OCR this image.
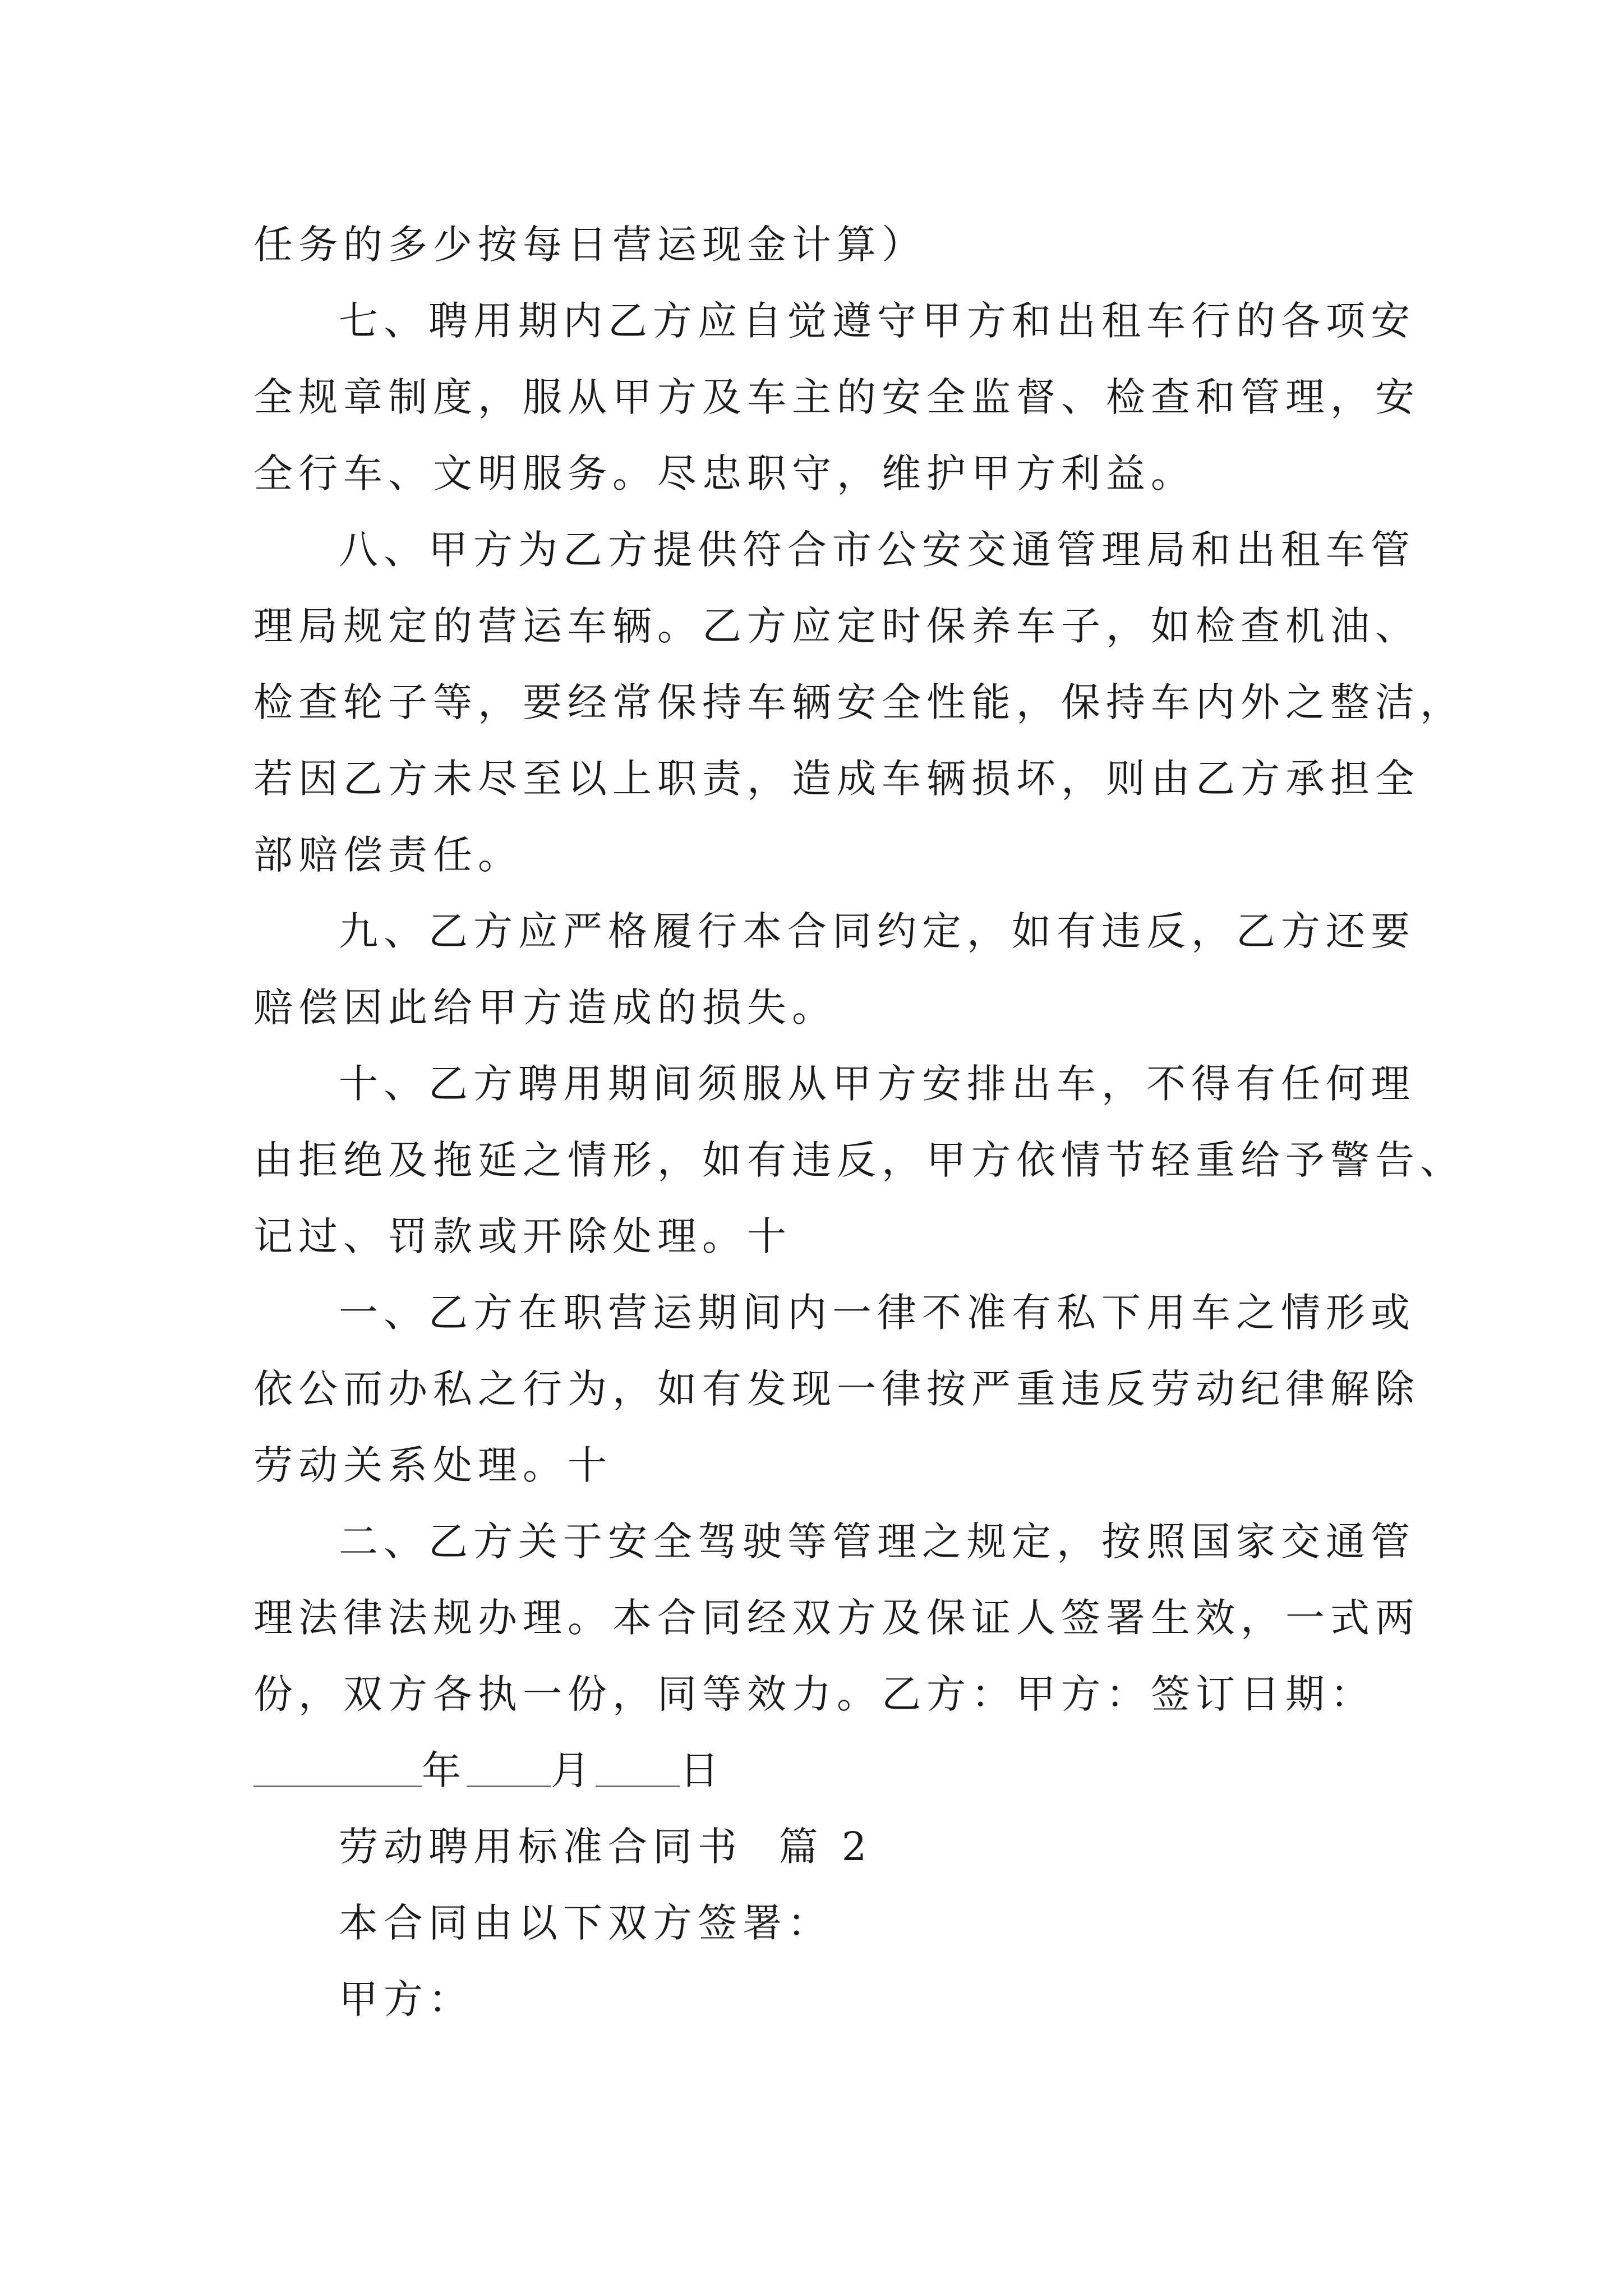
任务的多少按每日营运现金计算）
七、聘用期内乙方应自觉遵守甲方和出租车行的各项安
全规章制度，服从甲方及车主的安全监督、检查和管理，安
全行车、文明服务。尽忠职守，维护甲方利益。
八、甲方为乙方提供符合市公安交通管理局和出租车管
理局规定的营运车辆。乙方应定时保养车子，如检查机油、
检查轮子等，要经常保持车辆安全性能，保持车内外之整洁，
若因乙方未尽至以上职责，造成车辆损坏，则由乙方承担全
部赔偿责任。
九、乙方应严格履行本合同约定，如有违反，乙方还要
赔偿因此给甲方造成的损失。
十、乙方聘用期间须服从甲方安排出车，不得有任何理
由拒绝及拖延之情形，如有违反，甲方依情节轻重给予警告、
记过、罚款或开除处理。十
一、乙方在职营运期间内一律不准有私下用车之情形或
依公而办私之行为，如有发现一律按严重违反劳动纪律解除
劳动关系处理。十
二、乙方关于安全驾驶等管理之规定，按照国家交通管
理法律法规办理。本合同经双方及保证人签署生效，一式两
份，双方各执一份，同等效力。乙方：甲方：签订日期：
年 月 日
劳动聘用标准合同书  篇 2
本合同由以下双方签署：
甲方：
